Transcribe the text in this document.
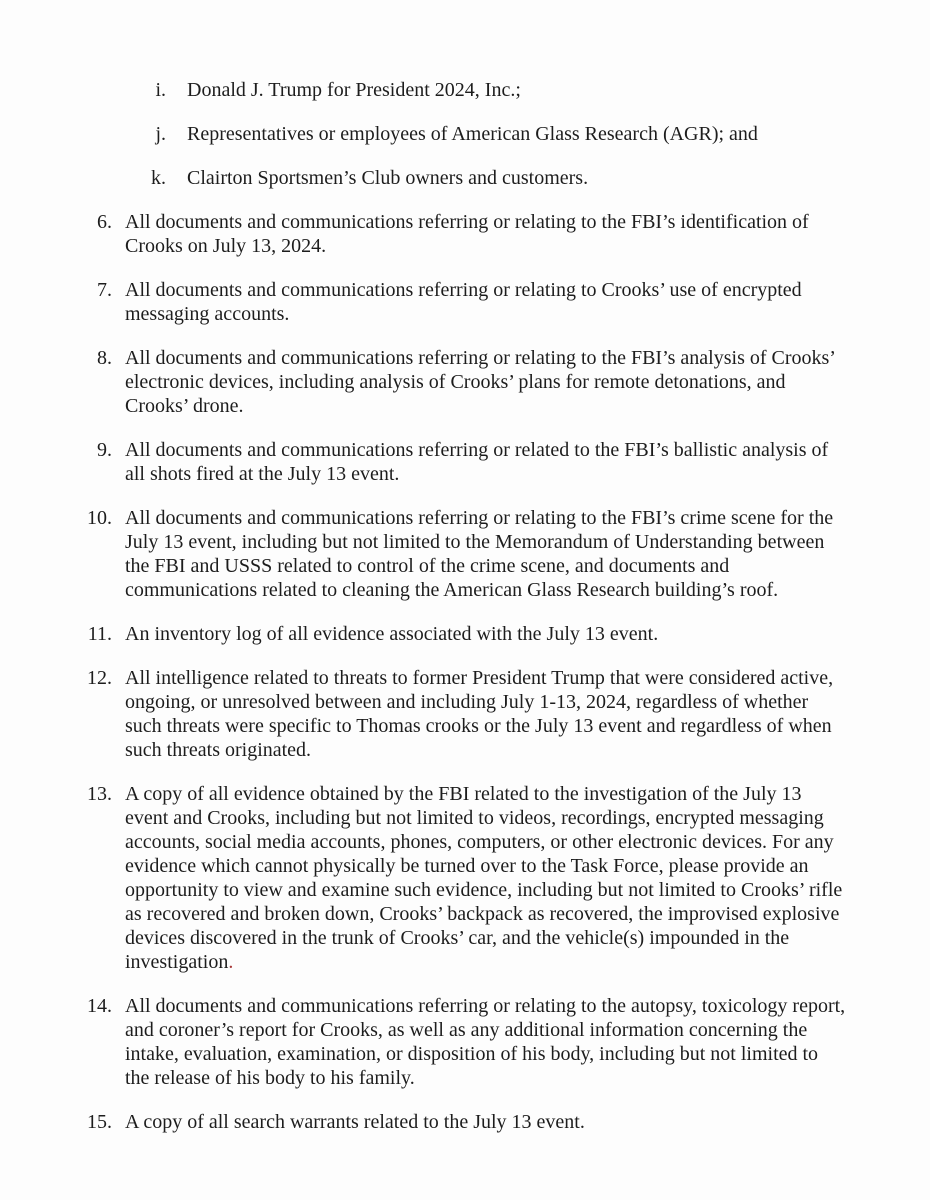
i.	Donald J. Trump for President 2024, Inc.;
j.	Representatives or employees of American Glass Research (AGR); and
k.	Clairton Sportsmen’s Club owners and customers.
6. All documents and communications referring or relating to the FBI’s identification of Crooks on July 13, 2024.
7. All documents and communications referring or relating to Crooks’ use of encrypted messaging accounts.
8. All documents and communications referring or relating to the FBI’s analysis of Crooks’ electronic devices, including analysis of Crooks’ plans for remote detonations, and Crooks’ drone.
9. All documents and communications referring or related to the FBI’s ballistic analysis of all shots fired at the July 13 event.
10. All documents and communications referring or relating to the FBI’s crime scene for the July 13 event, including but not limited to the Memorandum of Understanding between the FBI and USSS related to control of the crime scene, and documents and communications related to cleaning the American Glass Research building’s roof.
11. An inventory log of all evidence associated with the July 13 event.
12. All intelligence related to threats to former President Trump that were considered active, ongoing, or unresolved between and including July 1-13, 2024, regardless of whether such threats were specific to Thomas crooks or the July 13 event and regardless of when such threats originated.
13. A copy of all evidence obtained by the FBI related to the investigation of the July 13 event and Crooks, including but not limited to videos, recordings, encrypted messaging accounts, social media accounts, phones, computers, or other electronic devices. For any evidence which cannot physically be turned over to the Task Force, please provide an opportunity to view and examine such evidence, including but not limited to Crooks’ rifle as recovered and broken down, Crooks’ backpack as recovered, the improvised explosive devices discovered in the trunk of Crooks’ car, and the vehicle(s) impounded in the investigation.
14. All documents and communications referring or relating to the autopsy, toxicology report, and coroner’s report for Crooks, as well as any additional information concerning the intake, evaluation, examination, or disposition of his body, including but not limited to the release of his body to his family.
15. A copy of all search warrants related to the July 13 event.
